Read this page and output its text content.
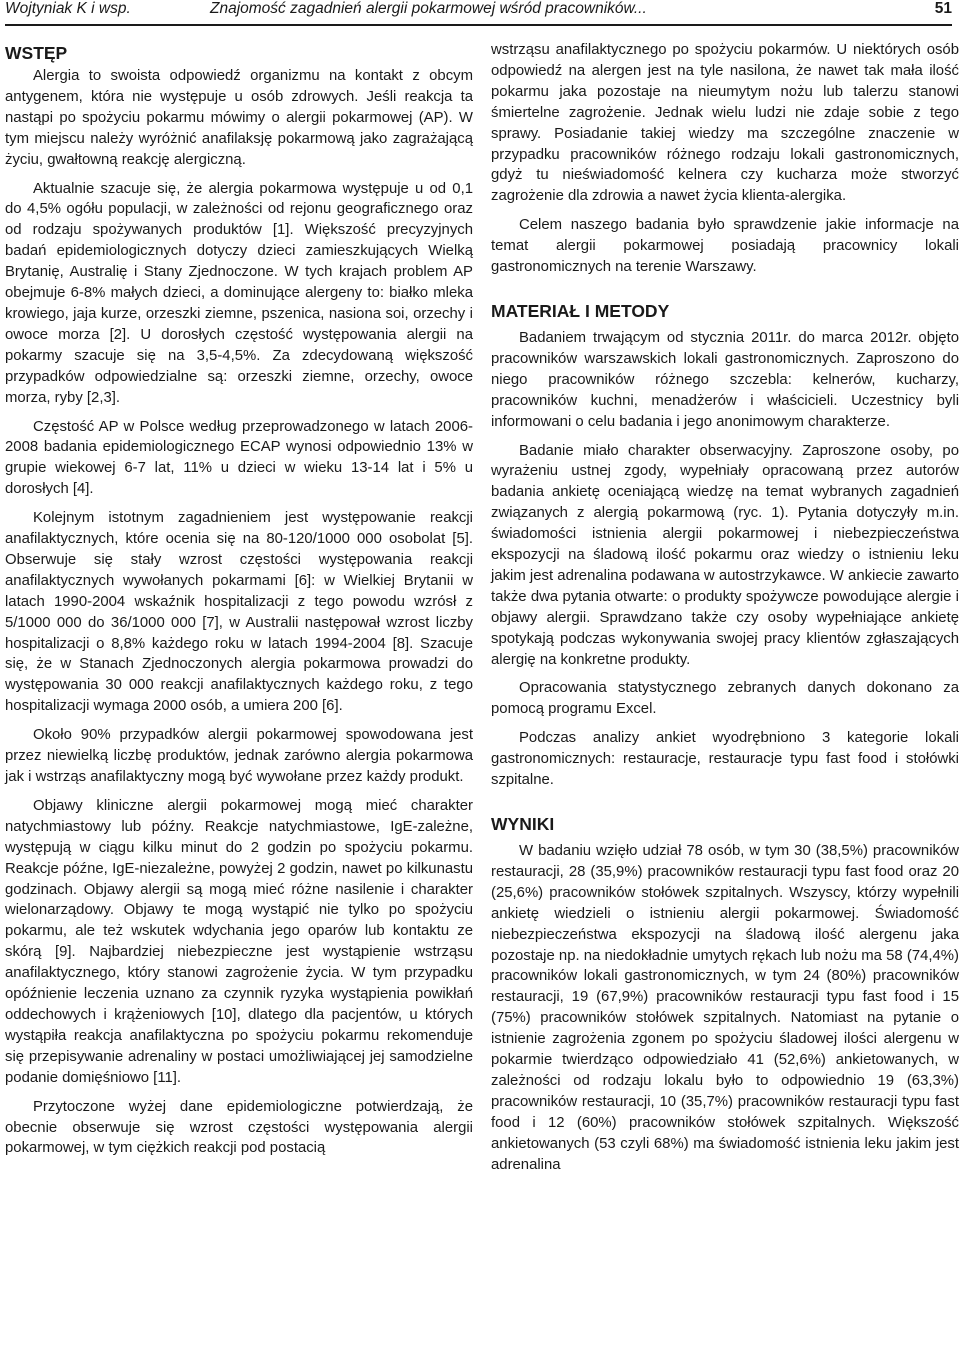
Wojtyniak K i wsp.	Znajomość zagadnień alergii pokarmowej wśród pracowników...	51
WSTĘP

Alergia to swoista odpowiedź organizmu na kontakt z obcym antygenem, która nie występuje u osób zdrowych. Jeśli reakcja ta nastąpi po spożyciu pokarmu mówimy o alergii pokarmowej (AP). W tym miejscu należy wyróżnić anafilaksję pokarmową jako zagrażającą życiu, gwałtowną reakcję alergiczną.

Aktualnie szacuje się, że alergia pokarmowa występuje u od 0,1 do 4,5% ogółu populacji, w zależności od rejonu geograficznego oraz od rodzaju spożywanych produktów [1]. Większość precyzyjnych badań epidemiologicznych dotyczy dzieci zamieszkujących Wielką Brytanię, Australię i Stany Zjednoczone. W tych krajach problem AP obejmuje 6-8% małych dzieci, a dominujące alergeny to: białko mleka krowiego, jaja kurze, orzeszki ziemne, pszenica, nasiona soi, orzechy i owoce morza [2]. U dorosłych częstość występowania alergii na pokarmy szacuje się na 3,5-4,5%. Za zdecydowaną większość przypadków odpowiedzialne są: orzeszki ziemne, orzechy, owoce morza, ryby [2,3].

Częstość AP w Polsce według przeprowadzonego w latach 2006-2008 badania epidemiologicznego ECAP wynosi odpowiednio 13% w grupie wiekowej 6-7 lat, 11% u dzieci w wieku 13-14 lat i 5% u dorosłych [4].

Kolejnym istotnym zagadnieniem jest występowanie reakcji anafilaktycznych, które ocenia się na 80-120/1000 000 osobolat [5]. Obserwuje się stały wzrost częstości występowania reakcji anafilaktycznych wywołanych pokarmami [6]: w Wielkiej Brytanii w latach 1990-2004 wskaźnik hospitalizacji z tego powodu wzrósł z 5/1000 000 do 36/1000 000 [7], w Australii następował wzrost liczby hospitalizacji o 8,8% każdego roku w latach 1994-2004 [8]. Szacuje się, że w Stanach Zjednoczonych alergia pokarmowa prowadzi do występowania 30 000 reakcji anafilaktycznych każdego roku, z tego hospitalizacji wymaga 2000 osób, a umiera 200 [6].

Około 90% przypadków alergii pokarmowej spowodowana jest przez niewielką liczbę produktów, jednak zarówno alergia pokarmowa jak i wstrząs anafilaktyczny mogą być wywołane przez każdy produkt.

Objawy kliniczne alergii pokarmowej mogą mieć charakter natychmiastowy lub późny. Reakcje natychmiastowe, IgE-zależne, występują w ciągu kilku minut do 2 godzin po spożyciu pokarmu. Reakcje późne, IgE-niezależne, powyżej 2 godzin, nawet po kilkunastu godzinach. Objawy alergii są mogą mieć różne nasilenie i charakter wielonarządowy. Objawy te mogą wystąpić nie tylko po spożyciu pokarmu, ale też wskutek wdychania jego oparów lub kontaktu ze skórą [9]. Najbardziej niebezpieczne jest wystąpienie wstrząsu anafilaktycznego, który stanowi zagrożenie życia. W tym przypadku opóźnienie leczenia uznano za czynnik ryzyka wystąpienia powikłań oddechowych i krążeniowych [10], dlatego dla pacjentów, u których wystąpiła reakcja anafilaktyczna po spożyciu pokarmu rekomenduje się przepisywanie adrenaliny w postaci umożliwiającej jej samodzielne podanie domięśniowo [11].

Przytoczone wyżej dane epidemiologiczne potwierdzają, że obecnie obserwuje się wzrost częstości występowania alergii pokarmowej, w tym ciężkich reakcji pod postacią

wstrząsu anafilaktycznego po spożyciu pokarmów. U niektórych osób odpowiedź na alergen jest na tyle nasilona, że nawet tak mała ilość pokarmu jaka pozostaje na nieumytym nożu lub talerzu stanowi śmiertelne zagrożenie. Jednak wielu ludzi nie zdaje sobie z tego sprawy. Posiadanie takiej wiedzy ma szczególne znaczenie w przypadku pracowników różnego rodzaju lokali gastronomicznych, gdyż tu nieświadomość kelnera czy kucharza może stworzyć zagrożenie dla zdrowia a nawet życia klienta-alergika.

Celem naszego badania było sprawdzenie jakie informacje na temat alergii pokarmowej posiadają pracownicy lokali gastronomicznych na terenie Warszawy.

MATERIAŁ I METODY

Badaniem trwającym od stycznia 2011r. do marca 2012r. objęto pracowników warszawskich lokali gastronomicznych. Zaproszono do niego pracowników różnego szczebla: kelnerów, kucharzy, pracowników kuchni, menadżerów i właścicieli. Uczestnicy byli informowani o celu badania i jego anonimowym charakterze.

Badanie miało charakter obserwacyjny. Zaproszone osoby, po wyrażeniu ustnej zgody, wypełniały opracowaną przez autorów badania ankietę oceniającą wiedzę na temat wybranych zagadnień związanych z alergią pokarmową (ryc. 1). Pytania dotyczyły m.in. świadomości istnienia alergii pokarmowej i niebezpieczeństwa ekspozycji na śladową ilość pokarmu oraz wiedzy o istnieniu leku jakim jest adrenalina podawana w autostrzykawce. W ankiecie zawarto także dwa pytania otwarte: o produkty spożywcze powodujące alergie i objawy alergii. Sprawdzano także czy osoby wypełniające ankietę spotykają podczas wykonywania swojej pracy klientów zgłaszających alergię na konkretne produkty.

Opracowania statystycznego zebranych danych dokonano za pomocą programu Excel.

Podczas analizy ankiet wyodrębniono 3 kategorie lokali gastronomicznych: restauracje, restauracje typu fast food i stołówki szpitalne.

WYNIKI

W badaniu wzięło udział 78 osób, w tym 30 (38,5%) pracowników restauracji, 28 (35,9%) pracowników restauracji typu fast food oraz 20 (25,6%) pracowników stołówek szpitalnych. Wszyscy, którzy wypełnili ankietę wiedzieli o istnieniu alergii pokarmowej. Świadomość niebezpieczeństwa ekspozycji na śladową ilość alergenu jaka pozostaje np. na niedokładnie umytych rękach lub nożu ma 58 (74,4%) pracowników lokali gastronomicznych, w tym 24 (80%) pracowników restauracji, 19 (67,9%) pracowników restauracji typu fast food i 15 (75%) pracowników stołówek szpitalnych. Natomiast na pytanie o istnienie zagrożenia zgonem po spożyciu śladowej ilości alergenu w pokarmie twierdząco odpowiedziało 41 (52,6%) ankietowanych, w zależności od rodzaju lokalu było to odpowiednio 19 (63,3%) pracowników restauracji, 10 (35,7%) pracowników restauracji typu fast food i 12 (60%) pracowników stołówek szpitalnych. Większość ankietowanych (53 czyli 68%) ma świadomość istnienia leku jakim jest adrenalina
